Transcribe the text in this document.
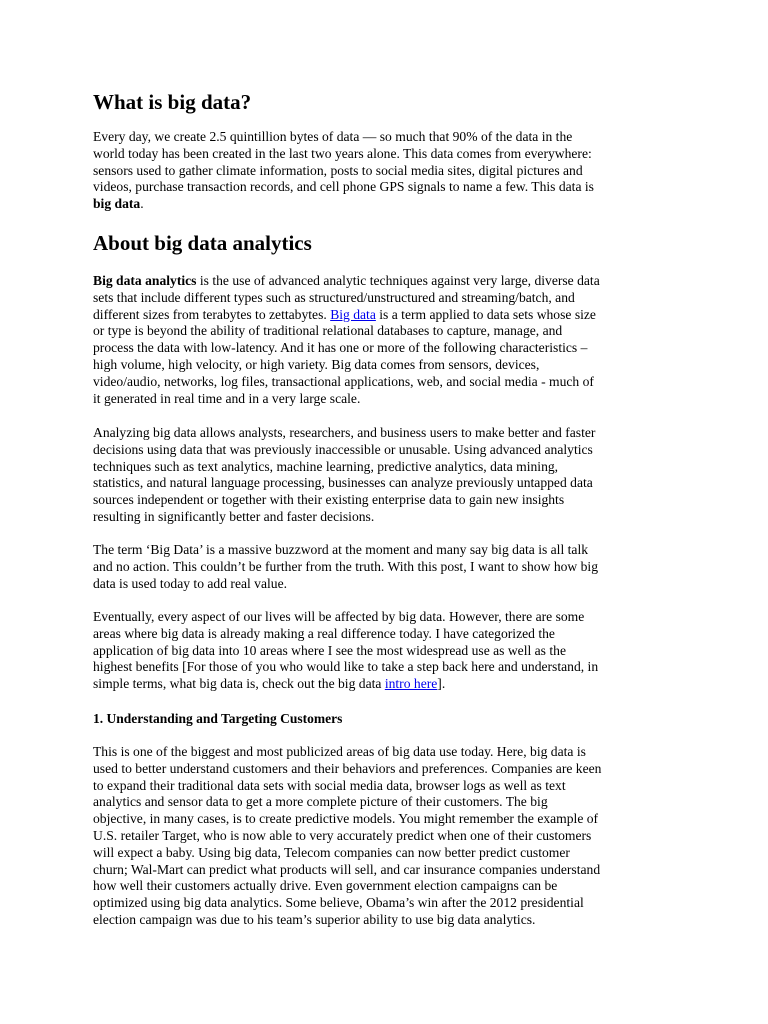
What is big data?

Every day, we create 2.5 quintillion bytes of data — so much that 90% of the data in the
world today has been created in the last two years alone. This data comes from everywhere:
sensors used to gather climate information, posts to social media sites, digital pictures and
videos, purchase transaction records, and cell phone GPS signals to name a few. This data is
big data.

About big data analytics

Big data analytics is the use of advanced analytic techniques against very large, diverse data
sets that include different types such as structured/unstructured and streaming/batch, and
different sizes from terabytes to zettabytes. Big data is a term applied to data sets whose size
or type is beyond the ability of traditional relational databases to capture, manage, and
process the data with low-latency. And it has one or more of the following characteristics –
high volume, high velocity, or high variety. Big data comes from sensors, devices,
video/audio, networks, log files, transactional applications, web, and social media - much of
it generated in real time and in a very large scale.

Analyzing big data allows analysts, researchers, and business users to make better and faster
decisions using data that was previously inaccessible or unusable. Using advanced analytics
techniques such as text analytics, machine learning, predictive analytics, data mining,
statistics, and natural language processing, businesses can analyze previously untapped data
sources independent or together with their existing enterprise data to gain new insights
resulting in significantly better and faster decisions.

The term ‘Big Data’ is a massive buzzword at the moment and many say big data is all talk
and no action. This couldn’t be further from the truth. With this post, I want to show how big
data is used today to add real value.

Eventually, every aspect of our lives will be affected by big data. However, there are some
areas where big data is already making a real difference today. I have categorized the
application of big data into 10 areas where I see the most widespread use as well as the
highest benefits [For those of you who would like to take a step back here and understand, in
simple terms, what big data is, check out the big data intro here].

1. Understanding and Targeting Customers

This is one of the biggest and most publicized areas of big data use today. Here, big data is
used to better understand customers and their behaviors and preferences. Companies are keen
to expand their traditional data sets with social media data, browser logs as well as text
analytics and sensor data to get a more complete picture of their customers. The big
objective, in many cases, is to create predictive models. You might remember the example of
U.S. retailer Target, who is now able to very accurately predict when one of their customers
will expect a baby. Using big data, Telecom companies can now better predict customer
churn; Wal-Mart can predict what products will sell, and car insurance companies understand
how well their customers actually drive. Even government election campaigns can be
optimized using big data analytics. Some believe, Obama’s win after the 2012 presidential
election campaign was due to his team’s superior ability to use big data analytics.
